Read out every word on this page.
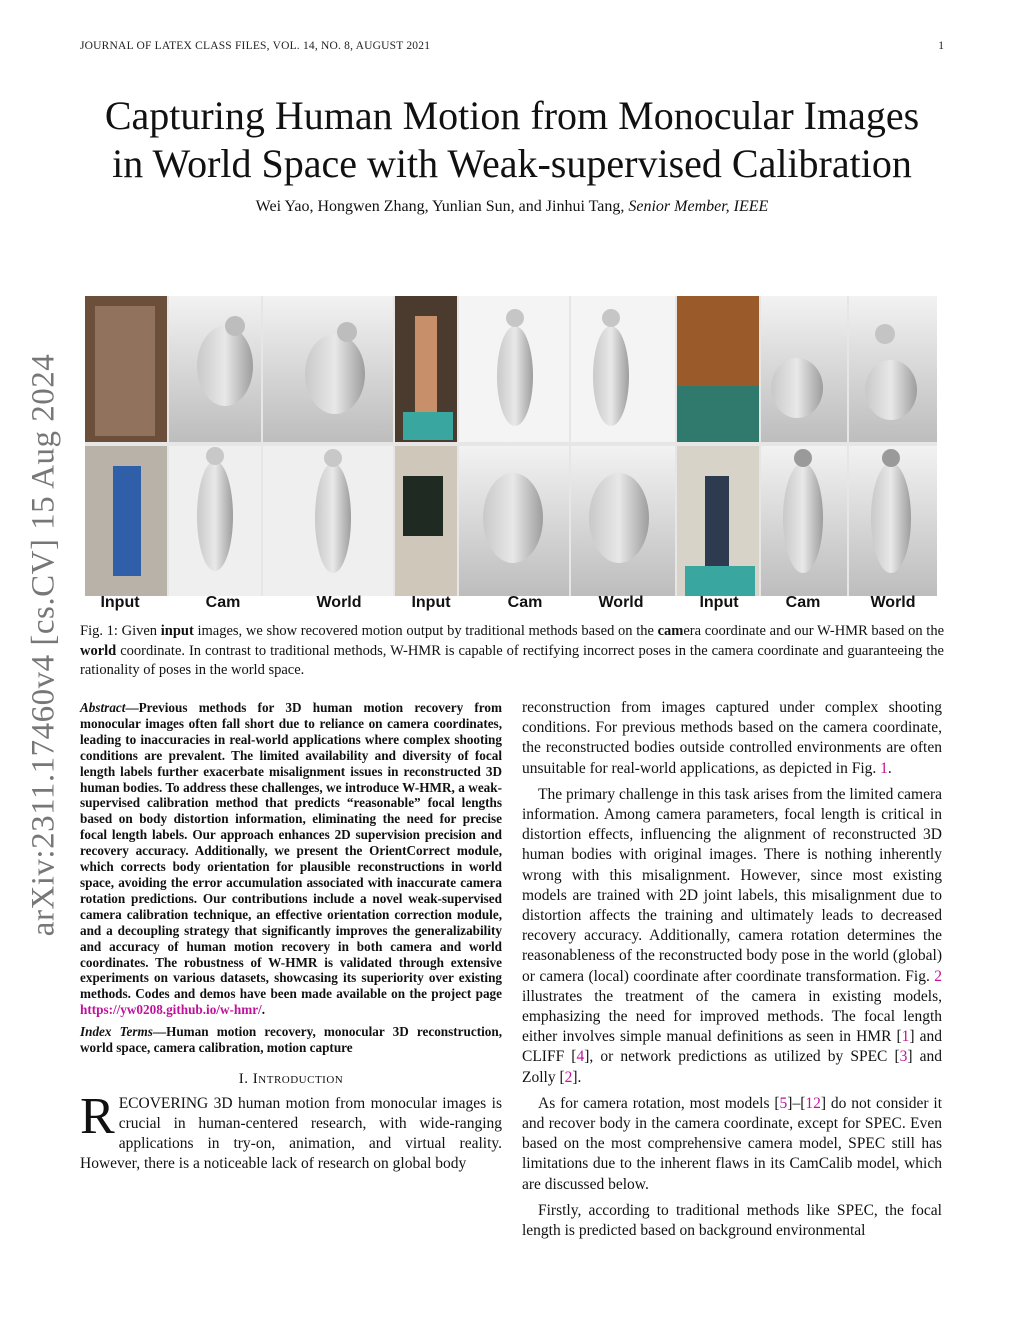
JOURNAL OF LATEX CLASS FILES, VOL. 14, NO. 8, AUGUST 2021	1
Capturing Human Motion from Monocular Images
in World Space with Weak-supervised Calibration
Wei Yao, Hongwen Zhang, Yunlian Sun, and Jinhui Tang, Senior Member, IEEE
arXiv:2311.17460v4 [cs.CV] 15 Aug 2024 Input	Cam	World	Input	Cam	World	Input	Cam	World
Fig. 1: Given input images, we show recovered motion output by traditional methods based on the camera coordinate and our W-HMR based on the world coordinate. In contrast to traditional methods, W-HMR is capable of rectifying incorrect poses in the camera coordinate and guaranteeing the rationality of poses in the world space.
Abstract—Previous methods for 3D human motion recovery from monocular images often fall short due to reliance on camera coordinates, leading to inaccuracies in real-world applications where complex shooting conditions are prevalent. The limited availability and diversity of focal length labels further exacerbate misalignment issues in reconstructed 3D human bodies. To address these challenges, we introduce W-HMR, a weak-supervised calibration method that predicts “reasonable” focal lengths based on body distortion information, eliminating the need for precise focal length labels. Our approach enhances 2D supervision precision and recovery accuracy. Additionally, we present the OrientCorrect module, which corrects body orientation for plausible reconstructions in world space, avoiding the error accumulation associated with inaccurate camera rotation predictions. Our contributions include a novel weak-supervised camera calibration technique, an effective orientation correction module, and a decoupling strategy that significantly improves the generalizability and accuracy of human motion recovery in both camera and world coordinates. The robustness of W-HMR is validated through extensive experiments on various datasets, showcasing its superiority over existing methods. Codes and demos have been made available on the project page https://yw0208.github.io/w-hmr/.
Index Terms—Human motion recovery, monocular 3D reconstruction, world space, camera calibration, motion capture
I. Introduction
RECOVERING 3D human motion from monocular images is crucial in human-centered research, with wide-ranging applications in try-on, animation, and virtual reality. However, there is a noticeable lack of research on global body

reconstruction from images captured under complex shooting conditions. For previous methods based on the camera coordinate, the reconstructed bodies outside controlled environments are often unsuitable for real-world applications, as depicted in Fig. 1.

The primary challenge in this task arises from the limited camera information. Among camera parameters, focal length is critical in distortion effects, influencing the alignment of reconstructed 3D human bodies with original images. There is nothing inherently wrong with this misalignment. However, since most existing models are trained with 2D joint labels, this misalignment due to distortion affects the training and ultimately leads to decreased recovery accuracy. Additionally, camera rotation determines the reasonableness of the reconstructed body pose in the world (global) or camera (local) coordinate after coordinate transformation. Fig. 2 illustrates the treatment of the camera in existing models, emphasizing the need for improved methods. The focal length either involves simple manual definitions as seen in HMR [1] and CLIFF [4], or network predictions as utilized by SPEC [3] and Zolly [2].

As for camera rotation, most models [5]–[12] do not consider it and recover body in the camera coordinate, except for SPEC. Even based on the most comprehensive camera model, SPEC still has limitations due to the inherent flaws in its CamCalib model, which are discussed below.

Firstly, according to traditional methods like SPEC, the focal length is predicted based on background environmental
